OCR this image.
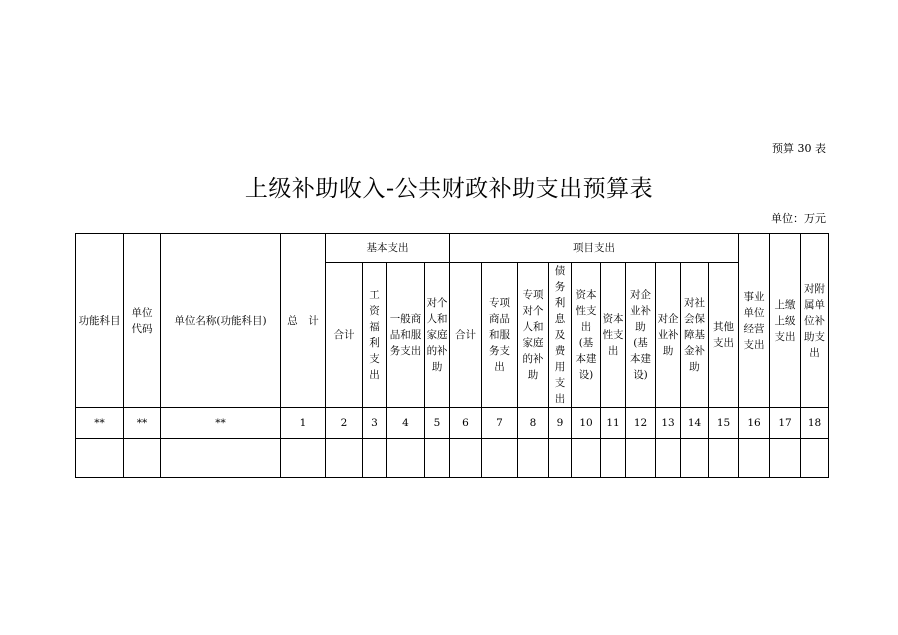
预算 30 表
上级补助收入-公共财政补助支出预算表
单位：万元
功能科目	单位代码	单位名称(功能科目)	总　计	基本支出				项目支出										事业单位经营支出	上缴上级支出	对附属单位补助支出
				合计	工资福利支出	一般商品和服务支出	对个人和家庭的补助	合计	专项商品和服务支出	专项对个人和家庭的补助	债务利息及费用支出	资本性支出(基本建设)	资本性支出	对企业补助(基本建设)	对企业补助	对社会保障基金补助	其他支出			
**	**	**	1	2	3	4	5	6	7	8	9	10	11	12	13	14	15	16	17	18
